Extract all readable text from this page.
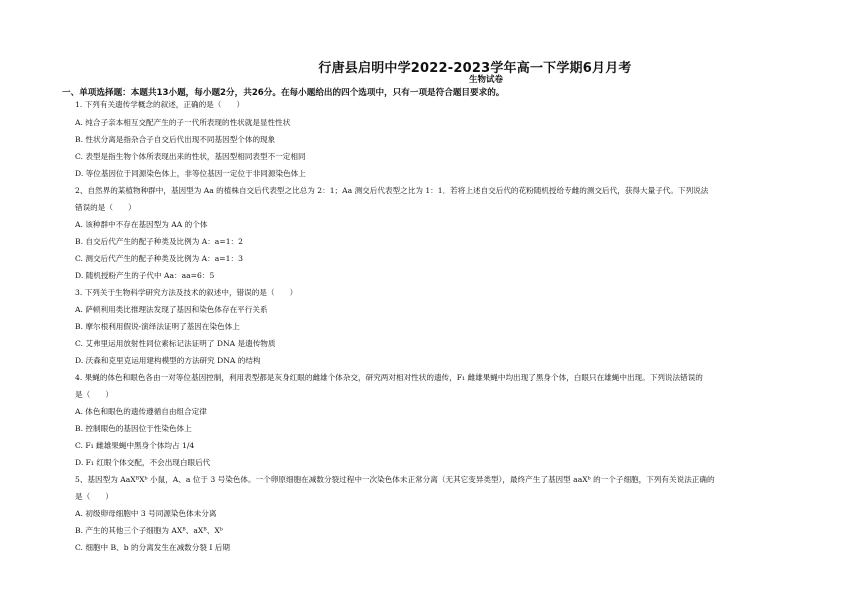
行唐县启明中学2022-2023学年高一下学期6月月考
生物试卷
一、单项选择题：本题共13小题，每小题2分，共26分。在每小题给出的四个选项中，只有一项是符合题目要求的。
1. 下列有关遗传学概念的叙述，正确的是（　　）
A. 纯合子亲本相互交配产生的子一代所表现的性状就是显性性状
B. 性状分离是指杂合子自交后代出现不同基因型个体的现象
C. 表型是指生物个体所表现出来的性状，基因型相同表型不一定相同
D. 等位基因位于同源染色体上，非等位基因一定位于非同源染色体上
2、自然界的某植物种群中，基因型为 Aa 的植株自交后代表型之比总为 2：1；Aa 测交后代表型之比为 1：1．若将上述自交后代的花粉随机授给专雌的测交后代，获得大量子代。下列说法
错误的是（　　）
A. 该种群中不存在基因型为 AA 的个体
B. 自交后代产生的配子种类及比例为 A：a=1：2
C. 测交后代产生的配子种类及比例为 A：a=1：3
D. 随机授粉产生的子代中 Aa：aa=6：5
3. 下列关于生物科学研究方法及技术的叙述中，错误的是（　　）
A. 萨顿利用类比推理法发现了基因和染色体存在平行关系
B. 摩尔根利用假说-演绎法证明了基因在染色体上
C. 艾弗里运用放射性同位素标记法证明了 DNA 是遗传物质
D. 沃森和克里克运用建构模型的方法研究 DNA 的结构
4. 果蝇的体色和眼色各由一对等位基因控制，利用表型都是灰身红眼的雌雄个体杂交，研究两对相对性状的遗传，F₁ 雌雄果蝇中均出现了黑身个体，白眼只在雄蝇中出现。下列说法错误的
是（　　）
A. 体色和眼色的遗传遵循自由组合定律
B. 控制眼色的基因位于性染色体上
C. F₁ 雌雄果蝇中黑身个体均占 1/4
D. F₁ 红眼个体交配，不会出现白眼后代
5、基因型为 AaXᴮXᵇ 小鼠，A、a 位于 3 号染色体。一个卵原细胞在减数分裂过程中一次染色体未正常分离（无其它变异类型），最终产生了基因型 aaXᵇ 的一个子细胞，下列有关说法正确的
是（　　）
A. 初级卵母细胞中 3 号同源染色体未分离
B. 产生的其他三个子细胞为 AXᴮ、aXᴮ、Xᵇ
C. 细胞中 B、b 的分离发生在减数分裂 I 后期
